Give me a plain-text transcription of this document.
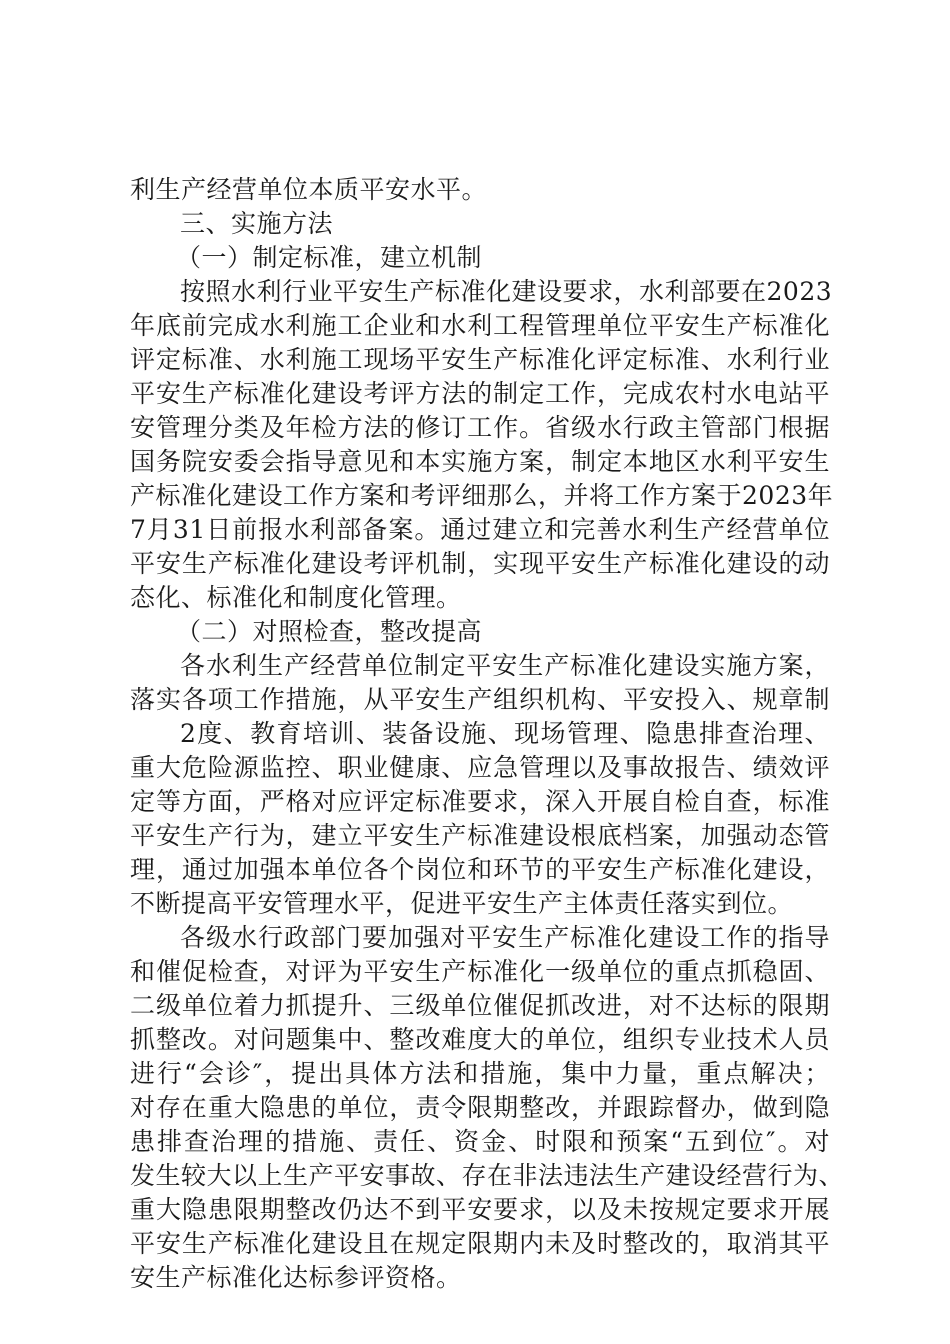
利生产经营单位本质平安水平。
三、实施方法
（一）制定标准，建立机制
按照水利行业平安生产标准化建设要求，水利部要在2023
年底前完成水利施工企业和水利工程管理单位平安生产标准化
评定标准、水利施工现场平安生产标准化评定标准、水利行业
平安生产标准化建设考评方法的制定工作，完成农村水电站平
安管理分类及年检方法的修订工作。省级水行政主管部门根据
国务院安委会指导意见和本实施方案，制定本地区水利平安生
产标准化建设工作方案和考评细那么，并将工作方案于2023年
7月31日前报水利部备案。通过建立和完善水利生产经营单位
平安生产标准化建设考评机制，实现平安生产标准化建设的动
态化、标准化和制度化管理。
（二）对照检查，整改提高
各水利生产经营单位制定平安生产标准化建设实施方案，
落实各项工作措施，从平安生产组织机构、平安投入、规章制
2度、教育培训、装备设施、现场管理、隐患排查治理、
重大危险源监控、职业健康、应急管理以及事故报告、绩效评
定等方面，严格对应评定标准要求，深入开展自检自查，标准
平安生产行为，建立平安生产标准建设根底档案，加强动态管
理，通过加强本单位各个岗位和环节的平安生产标准化建设，
不断提高平安管理水平，促进平安生产主体责任落实到位。
各级水行政部门要加强对平安生产标准化建设工作的指导
和催促检查，对评为平安生产标准化一级单位的重点抓稳固、
二级单位着力抓提升、三级单位催促抓改进，对不达标的限期
抓整改。对问题集中、整改难度大的单位，组织专业技术人员
进行“会诊″，提出具体方法和措施，集中力量，重点解决；
对存在重大隐患的单位，责令限期整改，并跟踪督办，做到隐
患排查治理的措施、责任、资金、时限和预案“五到位″。对
发生较大以上生产平安事故、存在非法违法生产建设经营行为、
重大隐患限期整改仍达不到平安要求，以及未按规定要求开展
平安生产标准化建设且在规定限期内未及时整改的，取消其平
安生产标准化达标参评资格。
